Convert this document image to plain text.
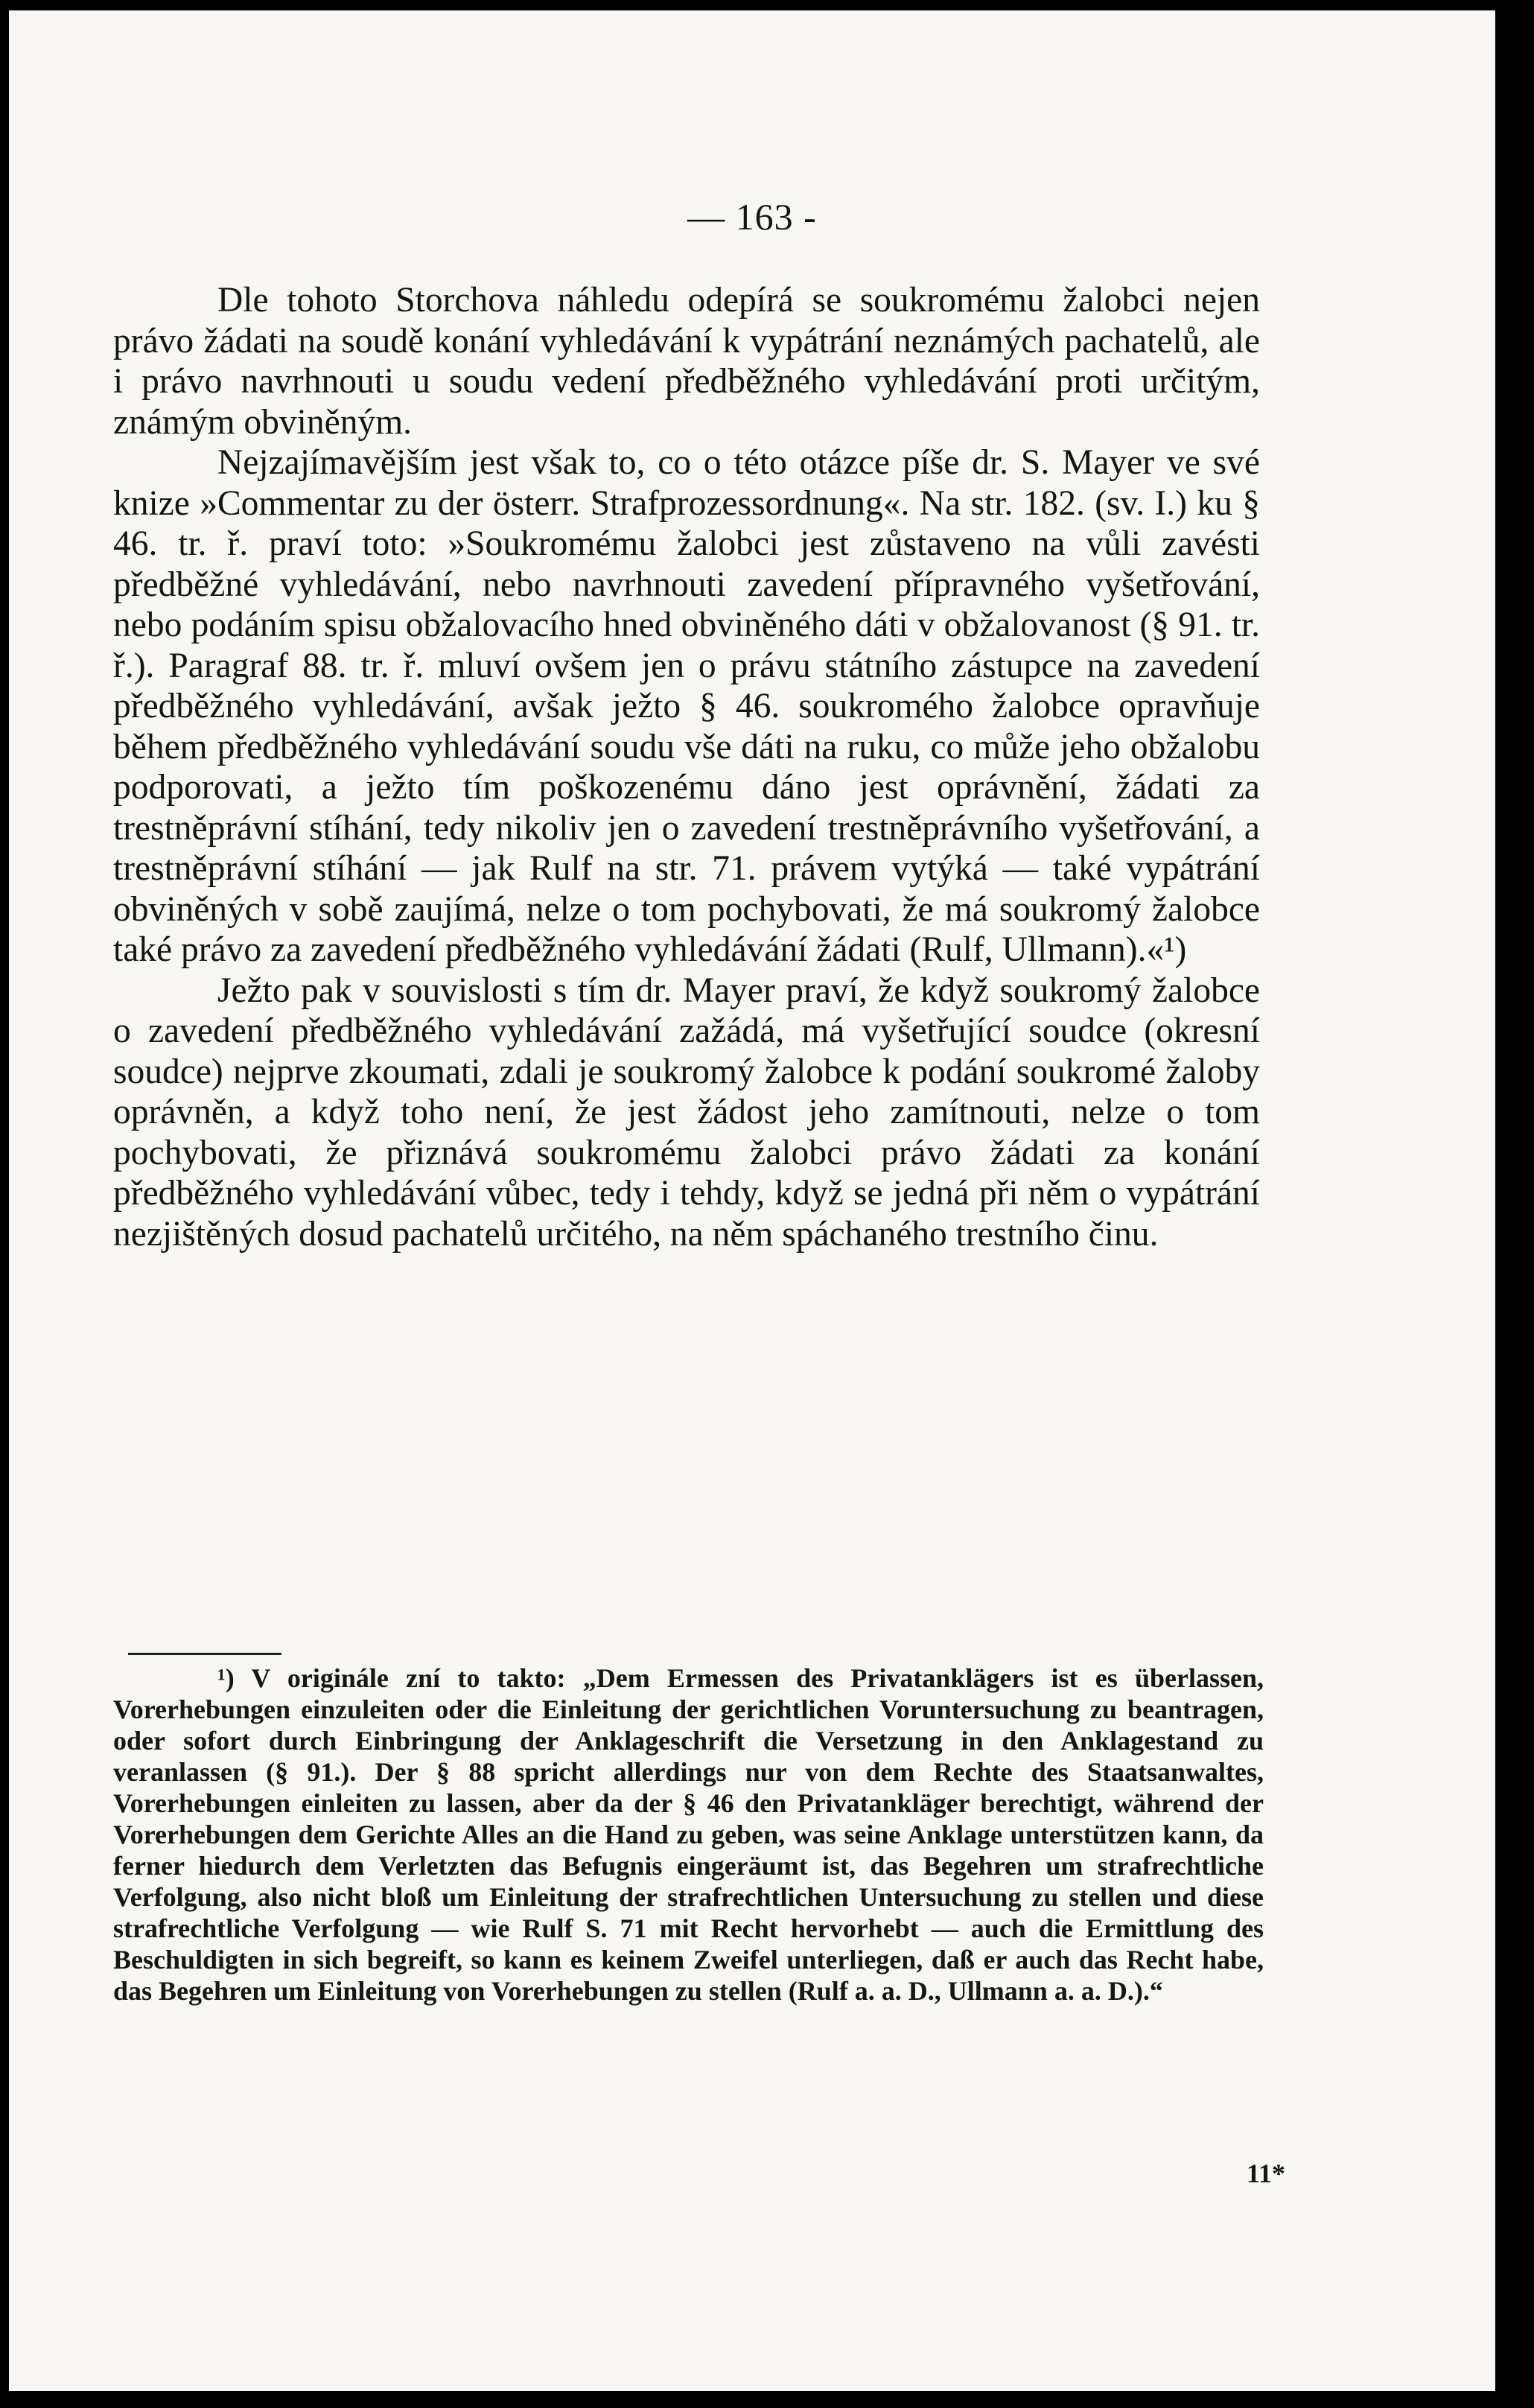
— 163 -

Dle tohoto Storchova náhledu odepírá se soukromému žalobci nejen právo žádati na soudě konání vyhledávání k vypátrání neznámých pachatelů, ale i právo navrhnouti u soudu vedení předběžného vyhledávání proti určitým, známým obviněným.

Nejzajímavějším jest však to, co o této otázce píše dr. S. Mayer ve své knize »Commentar zu der österr. Strafprozessordnung«. Na str. 182. (sv. I.) ku § 46. tr. ř. praví toto: »Soukromému žalobci jest zůstaveno na vůli zavésti předběžné vyhledávání, nebo navrhnouti zavedení přípravného vyšetřování, nebo podáním spisu obžalovacího hned obviněného dáti v obžalovanost (§ 91. tr. ř.). Paragraf 88. tr. ř. mluví ovšem jen o právu státního zástupce na zavedení předběžného vyhledávání, avšak ježto § 46. soukromého žalobce opravňuje během předběžného vyhledávání soudu vše dáti na ruku, co může jeho obžalobu podporovati, a ježto tím poškozenému dáno jest oprávnění, žádati za trestněprávní stíhání, tedy nikoliv jen o zavedení trestněprávního vyšetřování, a trestněprávní stíhání — jak Rulf na str. 71. právem vytýká — také vypátrání obviněných v sobě zaujímá, nelze o tom pochybovati, že má soukromý žalobce také právo za zavedení předběžného vyhledávání žádati (Rulf, Ullmann).«¹)

Ježto pak v souvislosti s tím dr. Mayer praví, že když soukromý žalobce o zavedení předběžného vyhledávání zažádá, má vyšetřující soudce (okresní soudce) nejprve zkoumati, zdali je soukromý žalobce k podání soukromé žaloby oprávněn, a když toho není, že jest žádost jeho zamítnouti, nelze o tom pochybovati, že přiznává soukromému žalobci právo žádati za konání předběžného vyhledávání vůbec, tedy i tehdy, když se jedná při něm o vypátrání nezjištěných dosud pachatelů určitého, na něm spáchaného trestního činu.

¹) V originále zní to takto: „Dem Ermessen des Privatanklägers ist es überlassen, Vorerhebungen einzuleiten oder die Einleitung der gerichtlichen Voruntersuchung zu beantragen, oder sofort durch Einbringung der Anklageschrift die Versetzung in den Anklagestand zu veranlassen (§ 91.). Der § 88 spricht allerdings nur von dem Rechte des Staatsanwaltes, Vorerhebungen einleiten zu lassen, aber da der § 46 den Privatankläger berechtigt, während der Vorerhebungen dem Gerichte Alles an die Hand zu geben, was seine Anklage unterstützen kann, da ferner hiedurch dem Verletzten das Befugnis eingeräumt ist, das Begehren um strafrechtliche Verfolgung, also nicht bloß um Einleitung der strafrechtlichen Untersuchung zu stellen und diese strafrechtliche Verfolgung — wie Rulf S. 71 mit Recht hervorhebt — auch die Ermittlung des Beschuldigten in sich begreift, so kann es keinem Zweifel unterliegen, daß er auch das Recht habe, das Begehren um Einleitung von Vorerhebungen zu stellen (Rulf a. a. D., Ullmann a. a. D.).“

11*
